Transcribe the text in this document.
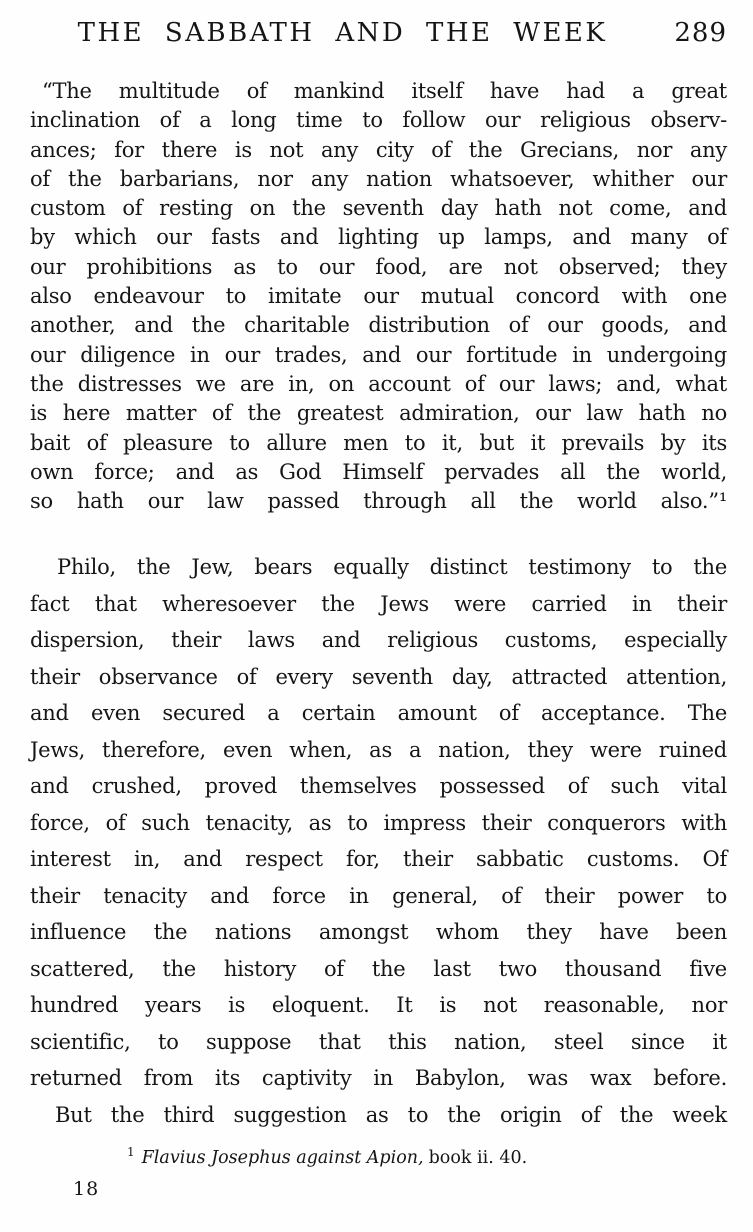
THE SABBATH AND THE WEEK	289
“The multitude of mankind itself have had a great
inclination of a long time to follow our religious observ-
ances; for there is not any city of the Grecians, nor any
of the barbarians, nor any nation whatsoever, whither our
custom of resting on the seventh day hath not come, and
by which our fasts and lighting up lamps, and many of
our prohibitions as to our food, are not observed; they
also endeavour to imitate our mutual concord with one
another, and the charitable distribution of our goods, and
our diligence in our trades, and our fortitude in undergoing
the distresses we are in, on account of our laws; and, what
is here matter of the greatest admiration, our law hath no
bait of pleasure to allure men to it, but it prevails by its
own force; and as God Himself pervades all the world,
so hath our law passed through all the world also.”¹
Philo, the Jew, bears equally distinct testimony to the
fact that wheresoever the Jews were carried in their
dispersion, their laws and religious customs, especially
their observance of every seventh day, attracted attention,
and even secured a certain amount of acceptance. The
Jews, therefore, even when, as a nation, they were ruined
and crushed, proved themselves possessed of such vital
force, of such tenacity, as to impress their conquerors with
interest in, and respect for, their sabbatic customs. Of
their tenacity and force in general, of their power to
influence the nations amongst whom they have been
scattered, the history of the last two thousand five
hundred years is eloquent. It is not reasonable, nor
scientific, to suppose that this nation, steel since it
returned from its captivity in Babylon, was wax before.
But the third suggestion as to the origin of the week
$^1$ Flavius Josephus against Apion, book ii. 40.
18
